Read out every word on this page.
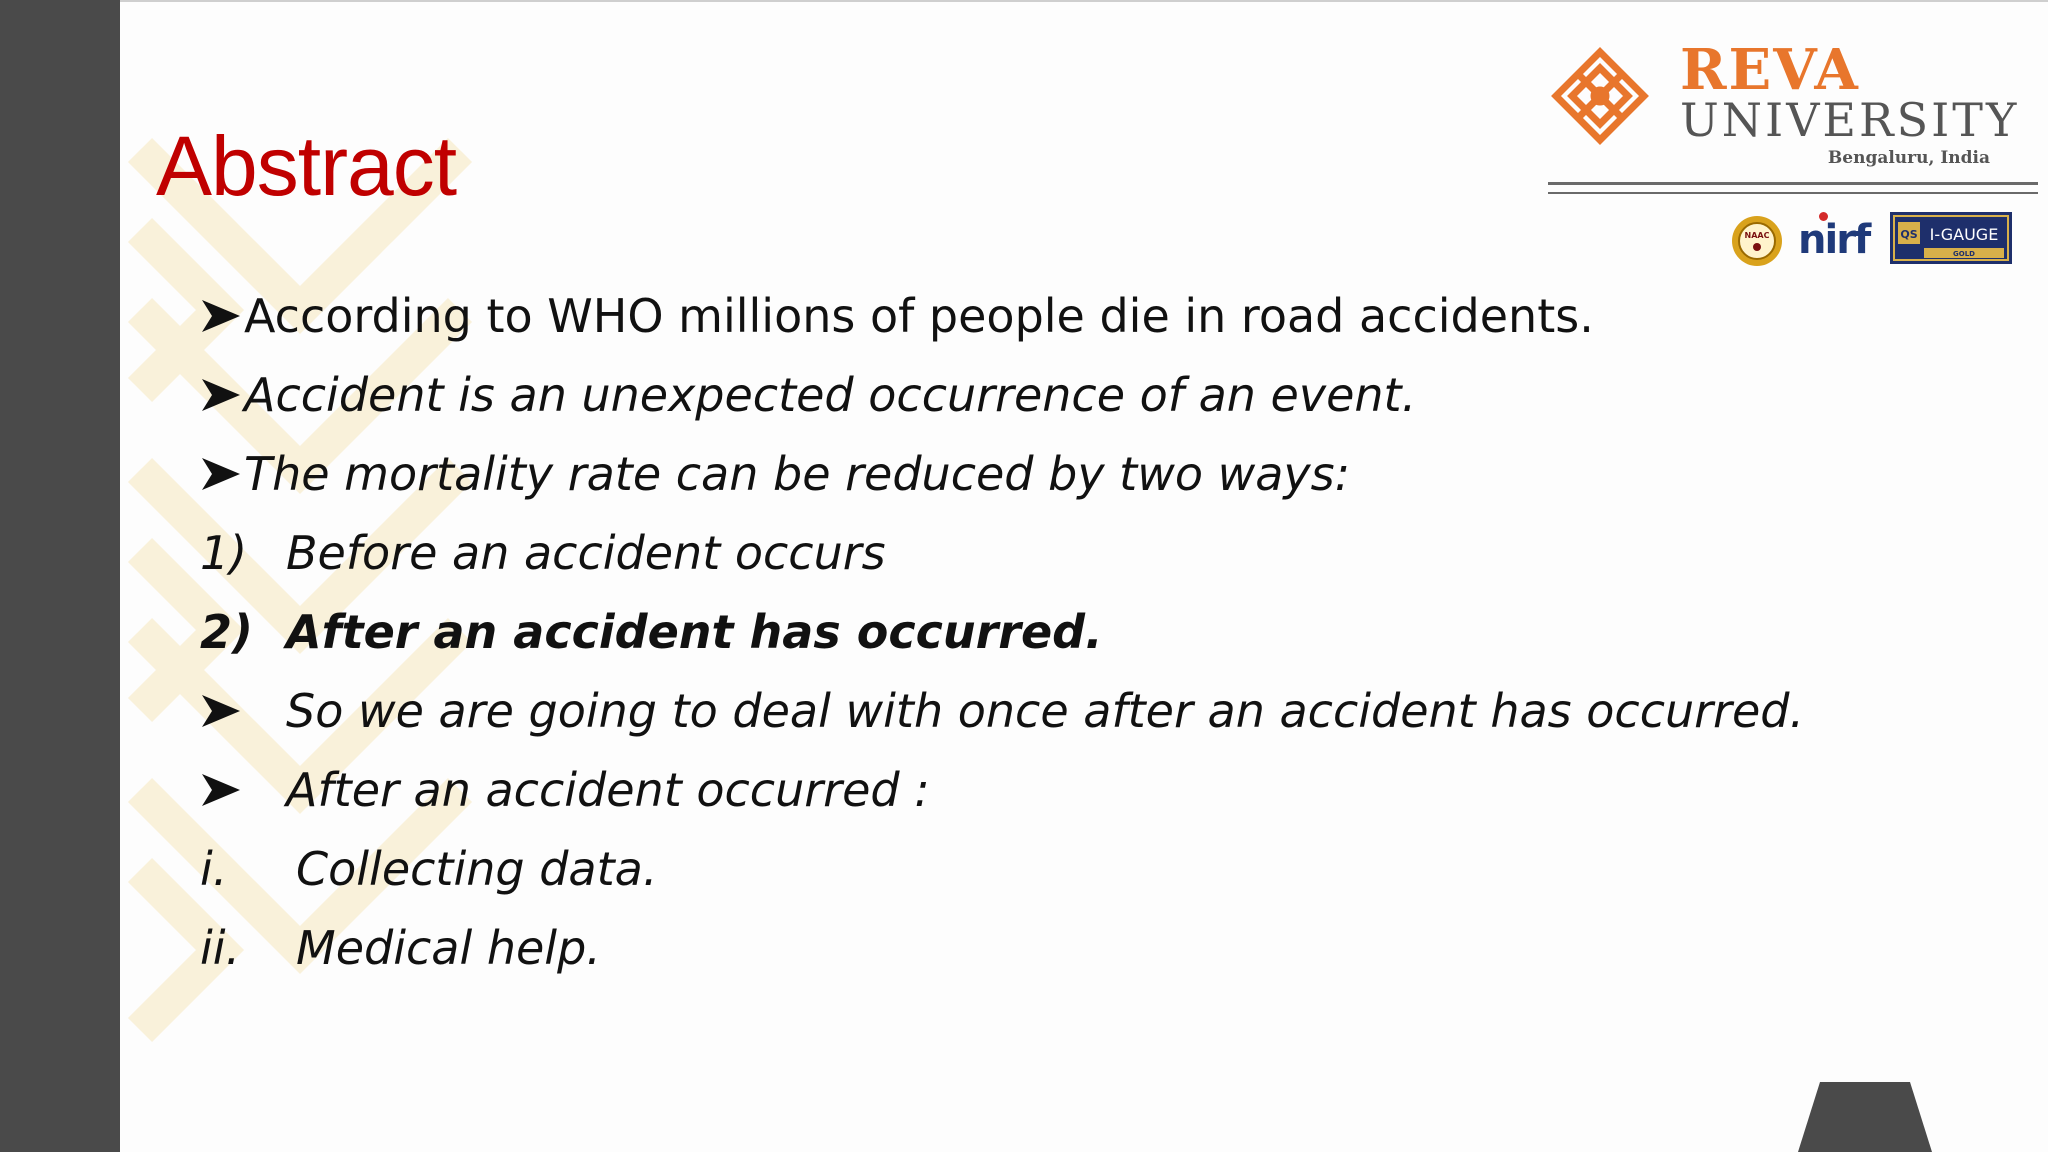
Abstract
REVA
UNIVERSITY
Bengaluru, India
NAAC nirf	QS I-GAUGE
GOLD
According to WHO millions of people die in road accidents.
Accident is an unexpected occurrence of an event.
The mortality rate can be reduced by two ways:
1) Before an accident occurs
2) After an accident has occurred.
So we are going to deal with once after an accident has occurred.
After an accident occurred :
i. Collecting data.
ii. Medical help.
